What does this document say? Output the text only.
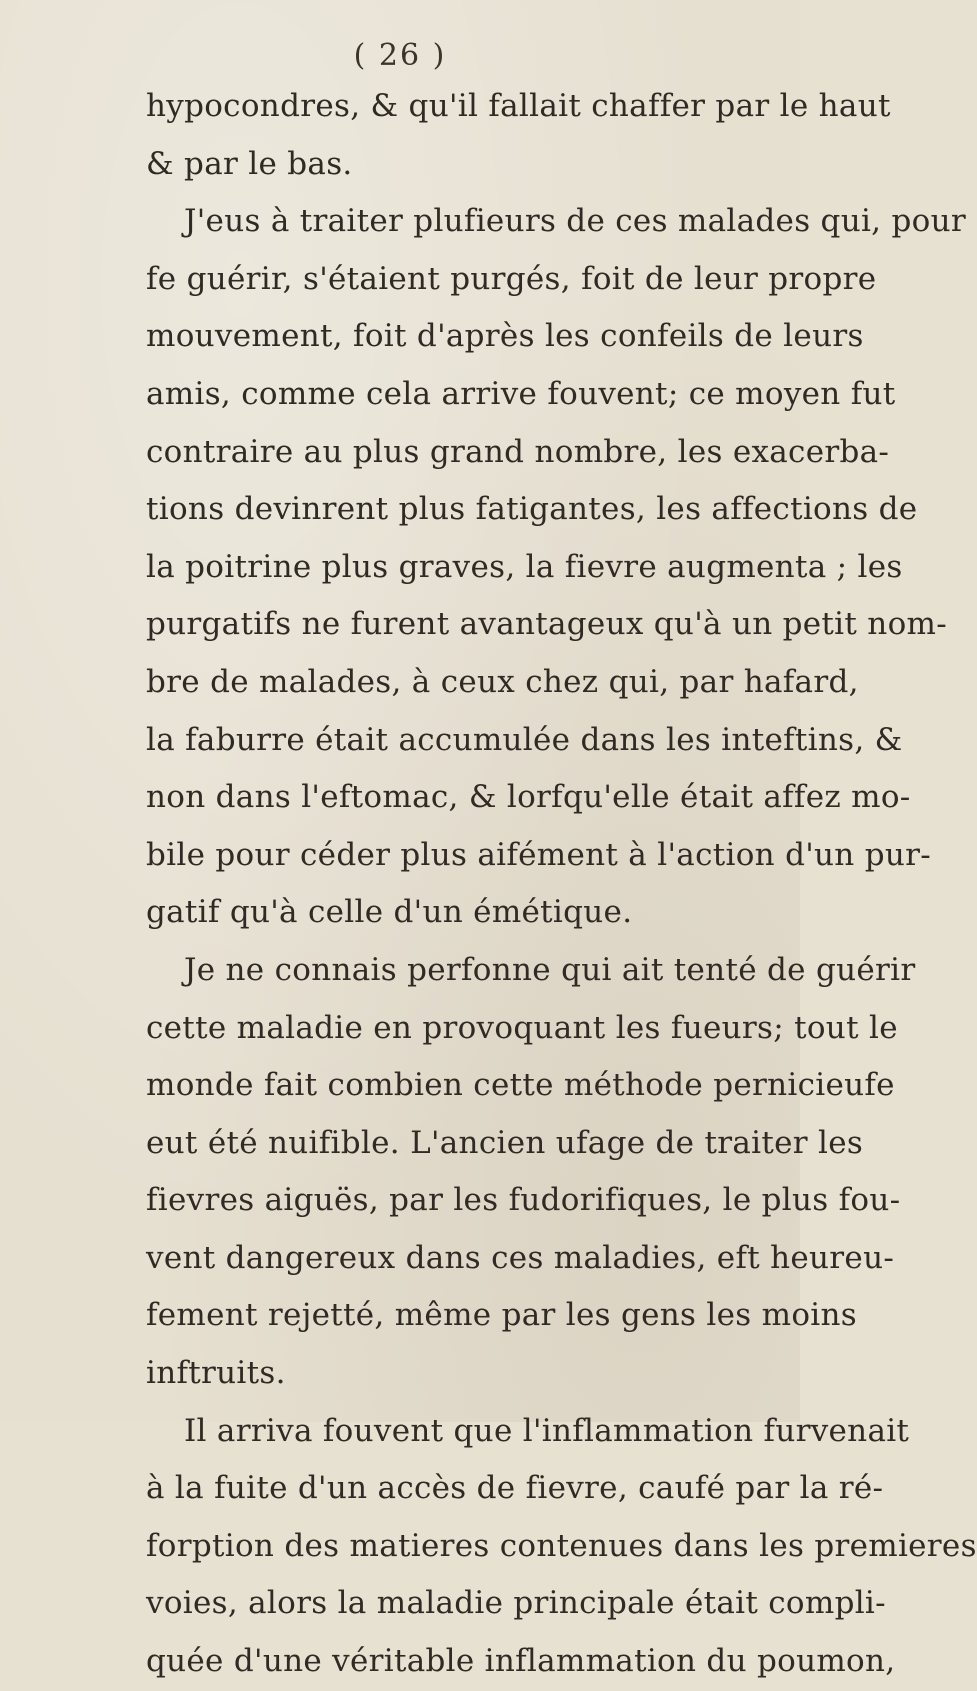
( 26 )
hypocondres, & qu'il fallait chaffer par le haut
& par le bas.
J'eus à traiter plufieurs de ces malades qui, pour
fe guérir, s'étaient purgés, foit de leur propre
mouvement, foit d'après les confeils de leurs
amis, comme cela arrive fouvent; ce moyen fut
contraire au plus grand nombre, les exacerba-
tions devinrent plus fatigantes, les affections de
la poitrine plus graves, la fievre augmenta ; les
purgatifs ne furent avantageux qu'à un petit nom-
bre de malades, à ceux chez qui, par hafard,
la faburre était accumulée dans les inteftins, &
non dans l'eftomac, & lorfqu'elle était affez mo-
bile pour céder plus aifément à l'action d'un pur-
gatif qu'à celle d'un émétique.
Je ne connais perfonne qui ait tenté de guérir
cette maladie en provoquant les fueurs; tout le
monde fait combien cette méthode pernicieufe
eut été nuifible. L'ancien ufage de traiter les
fievres aiguës, par les fudorifiques, le plus fou-
vent dangereux dans ces maladies, eft heureu-
fement rejetté, même par les gens les moins
inftruits.
Il arriva fouvent que l'inflammation furvenait
à la fuite d'un accès de fievre, caufé par la ré-
forption des matieres contenues dans les premieres
voies, alors la maladie principale était compli-
quée d'une véritable inflammation du poumon,
